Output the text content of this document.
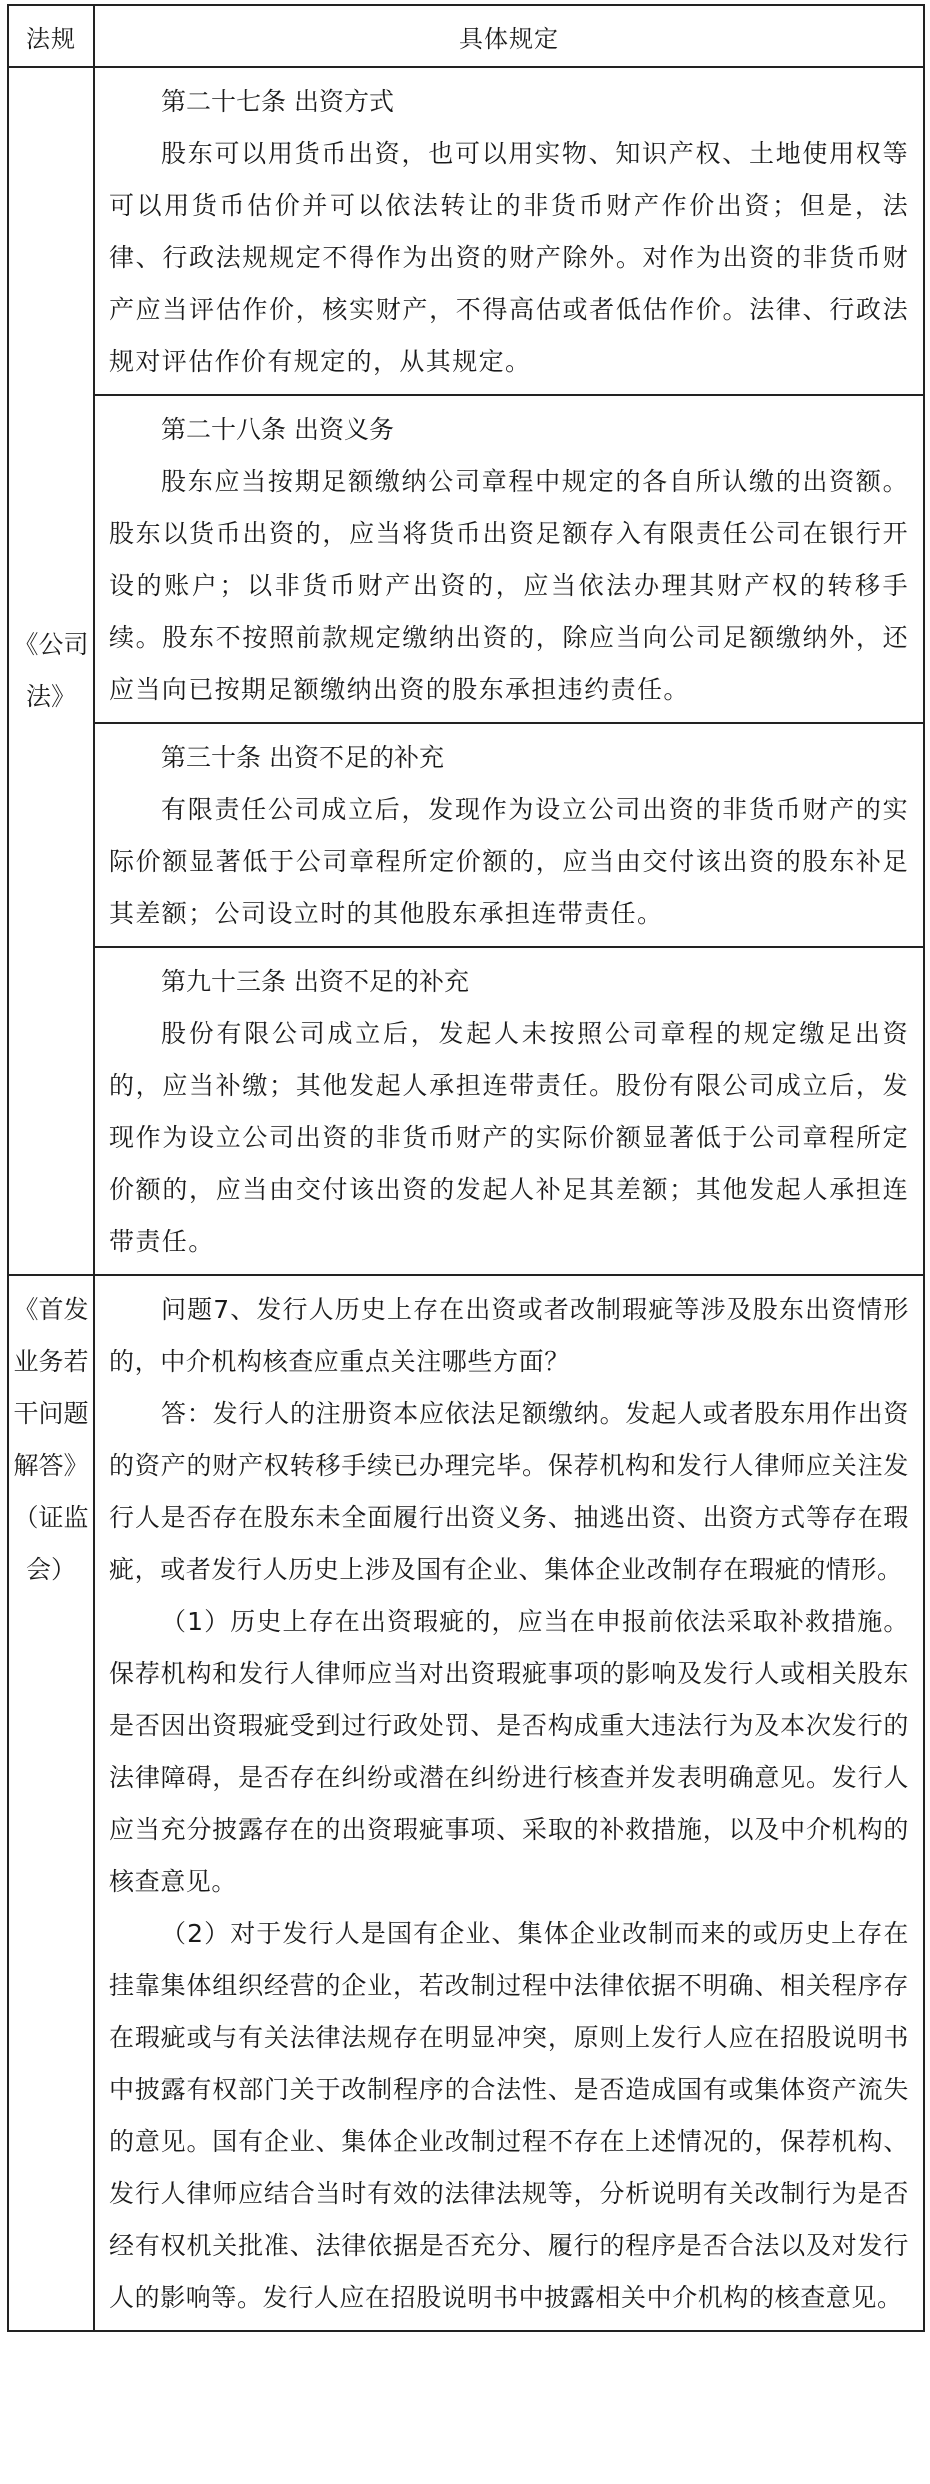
法规	具体规定
《公司法》	第二十七条 出资方式

股东可以用货币出资，也可以用实物、知识产权、土地使用权等可以用货币估价并可以依法转让的非货币财产作价出资；但是，法律、行政法规规定不得作为出资的财产除外。对作为出资的非货币财产应当评估作价，核实财产，不得高估或者低估作价。法律、行政法规对评估作价有规定的，从其规定。

	第二十八条 出资义务

股东应当按期足额缴纳公司章程中规定的各自所认缴的出资额。股东以货币出资的，应当将货币出资足额存入有限责任公司在银行开设的账户；以非货币财产出资的，应当依法办理其财产权的转移手续。股东不按照前款规定缴纳出资的，除应当向公司足额缴纳外，还应当向已按期足额缴纳出资的股东承担违约责任。

	第三十条 出资不足的补充

有限责任公司成立后，发现作为设立公司出资的非货币财产的实际价额显著低于公司章程所定价额的，应当由交付该出资的股东补足其差额；公司设立时的其他股东承担连带责任。

	第九十三条 出资不足的补充

股份有限公司成立后，发起人未按照公司章程的规定缴足出资的，应当补缴；其他发起人承担连带责任。股份有限公司成立后，发现作为设立公司出资的非货币财产的实际价额显著低于公司章程所定价额的，应当由交付该出资的发起人补足其差额；其他发起人承担连带责任。

《首发业务若干问题解答》（证监会）	问题7、发行人历史上存在出资或者改制瑕疵等涉及股东出资情形的，中介机构核查应重点关注哪些方面？

答：发行人的注册资本应依法足额缴纳。发起人或者股东用作出资的资产的财产权转移手续已办理完毕。保荐机构和发行人律师应关注发行人是否存在股东未全面履行出资义务、抽逃出资、出资方式等存在瑕疵，或者发行人历史上涉及国有企业、集体企业改制存在瑕疵的情形。

（1）历史上存在出资瑕疵的，应当在申报前依法采取补救措施。保荐机构和发行人律师应当对出资瑕疵事项的影响及发行人或相关股东是否因出资瑕疵受到过行政处罚、是否构成重大违法行为及本次发行的法律障碍，是否存在纠纷或潜在纠纷进行核查并发表明确意见。发行人应当充分披露存在的出资瑕疵事项、采取的补救措施，以及中介机构的核查意见。

（2）对于发行人是国有企业、集体企业改制而来的或历史上存在挂靠集体组织经营的企业，若改制过程中法律依据不明确、相关程序存在瑕疵或与有关法律法规存在明显冲突，原则上发行人应在招股说明书中披露有权部门关于改制程序的合法性、是否造成国有或集体资产流失的意见。国有企业、集体企业改制过程不存在上述情况的，保荐机构、发行人律师应结合当时有效的法律法规等，分析说明有关改制行为是否经有权机关批准、法律依据是否充分、履行的程序是否合法以及对发行人的影响等。发行人应在招股说明书中披露相关中介机构的核查意见。
